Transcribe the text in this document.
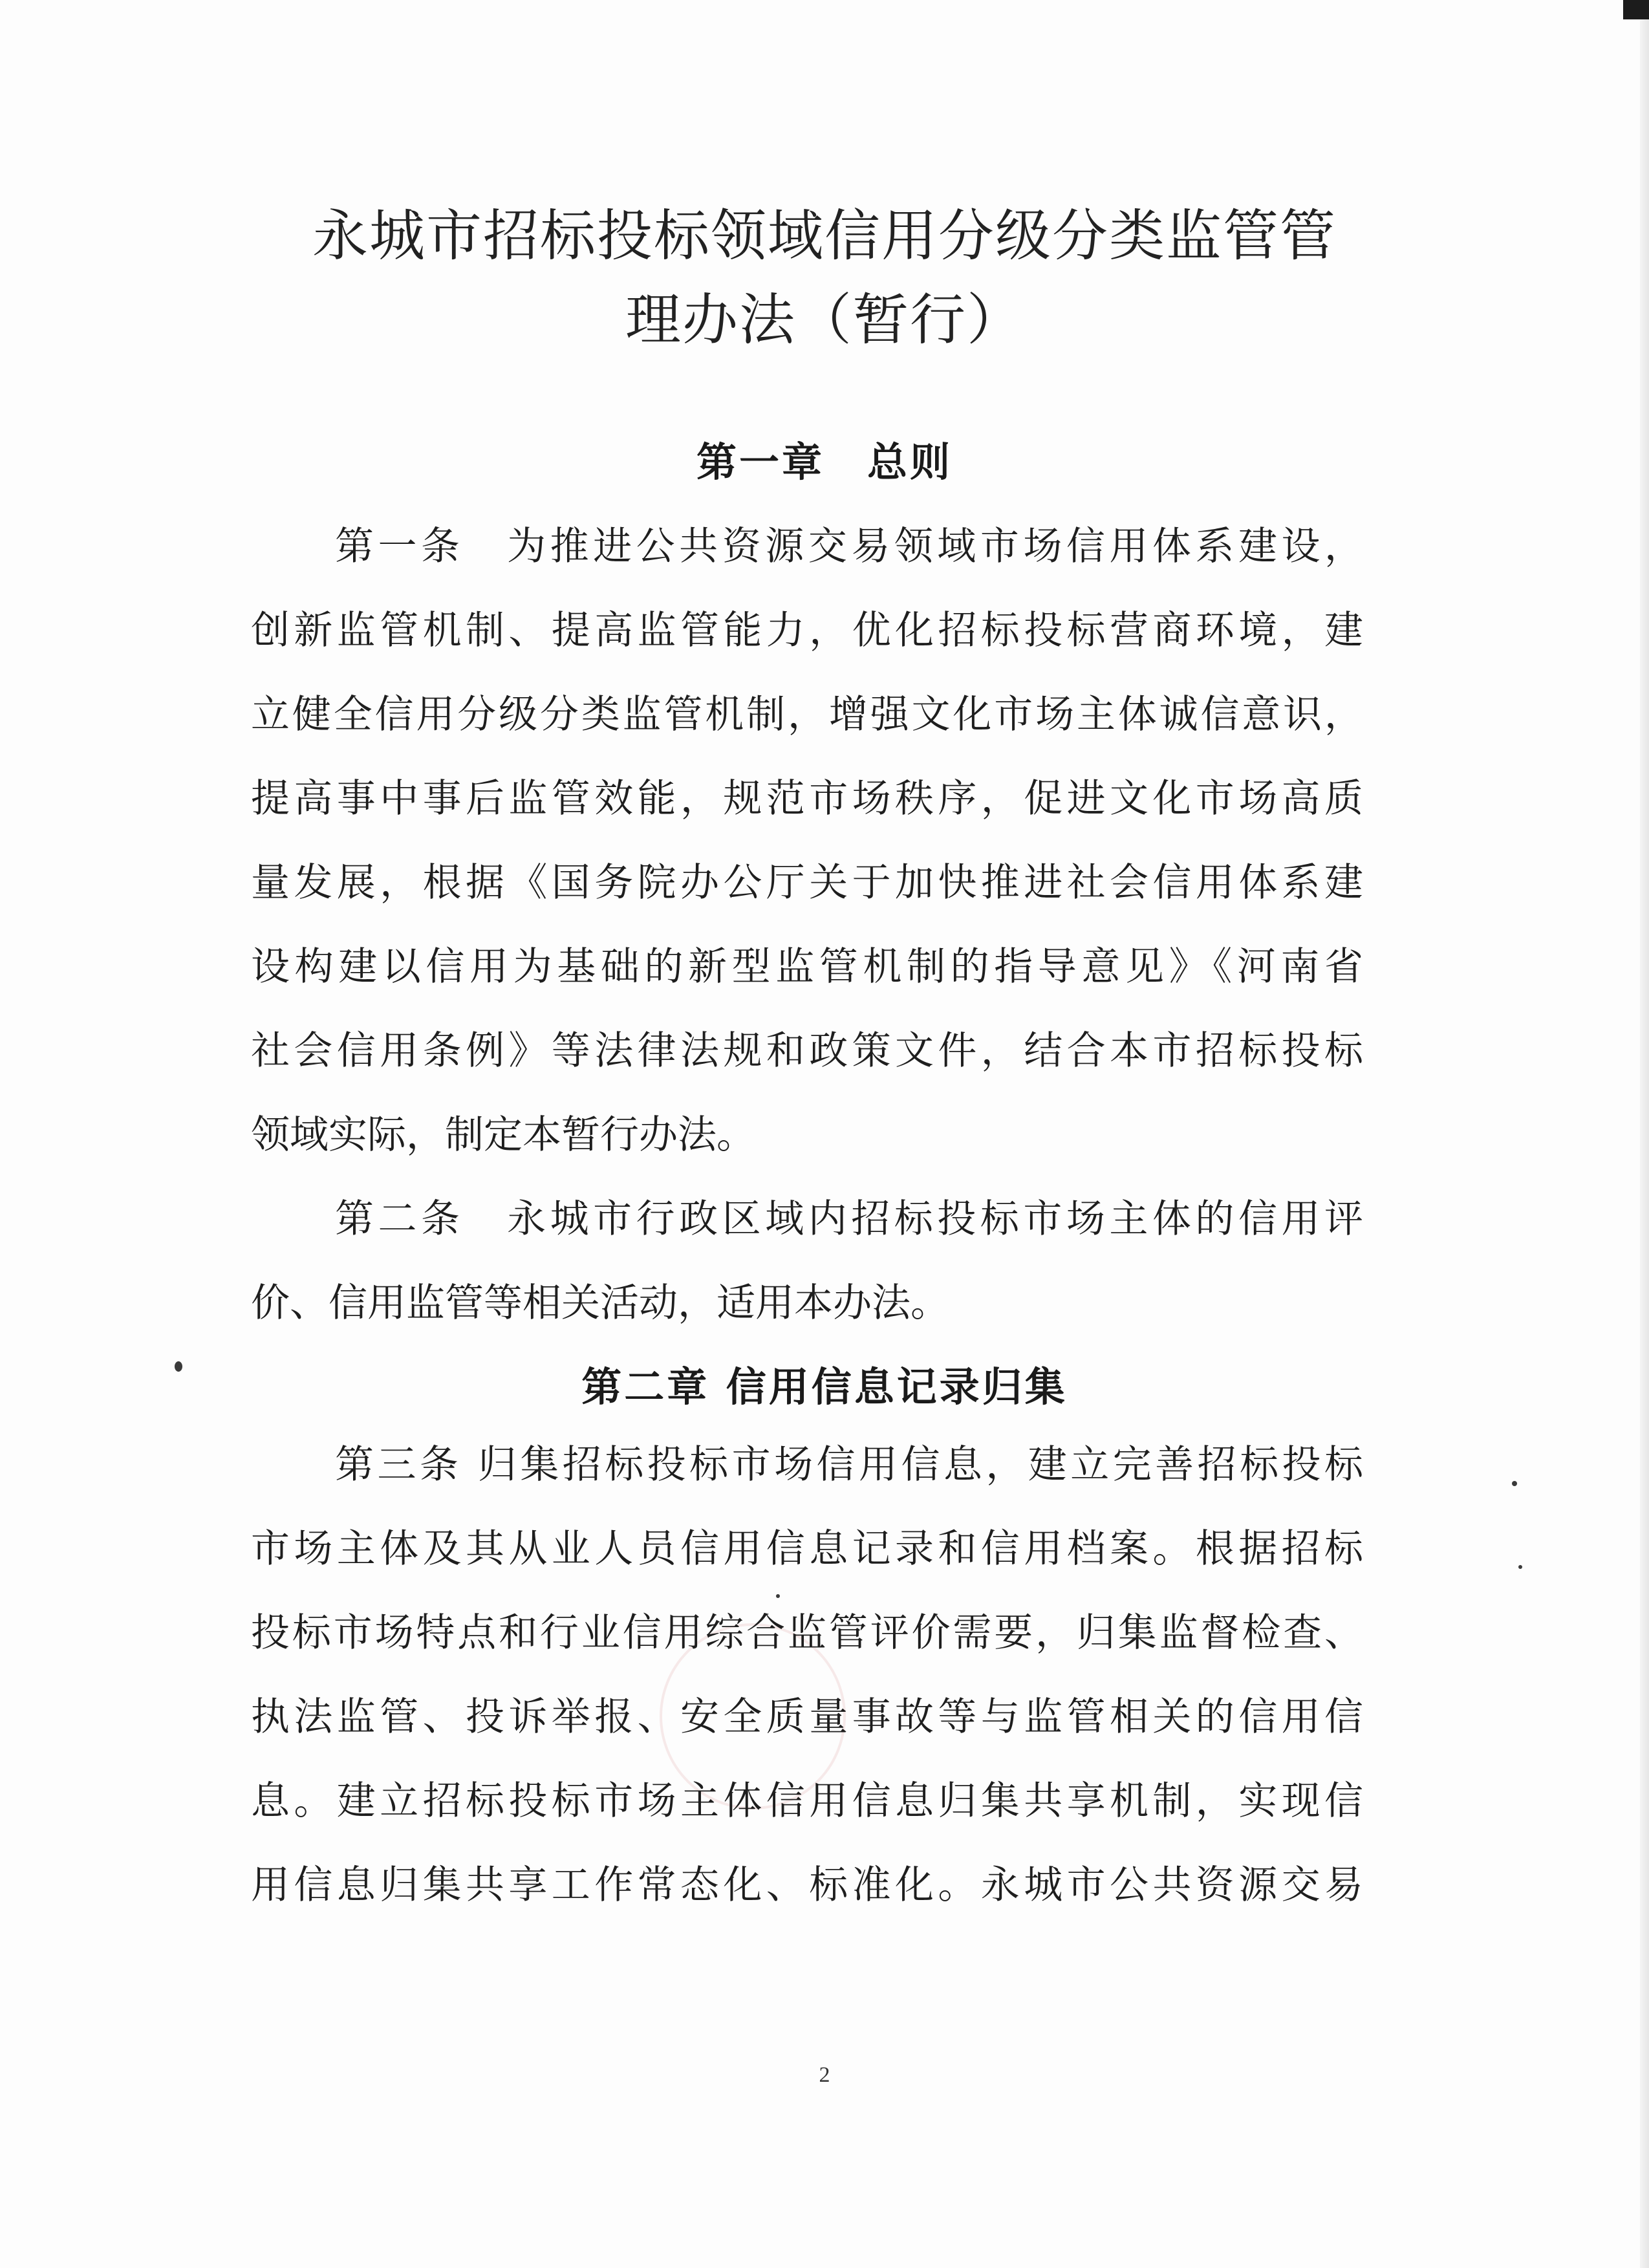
永城市招标投标领域信用分级分类监管管
理办法（暂行）
第一章　总则
第一条　为推进公共资源交易领域市场信用体系建设，
创新监管机制、提高监管能力，优化招标投标营商环境，建
立健全信用分级分类监管机制，增强文化市场主体诚信意识，
提高事中事后监管效能，规范市场秩序，促进文化市场高质
量发展，根据《国务院办公厅关于加快推进社会信用体系建
设构建以信用为基础的新型监管机制的指导意见》《河南省
社会信用条例》等法律法规和政策文件，结合本市招标投标
领域实际，制定本暂行办法。
第二条　永城市行政区域内招标投标市场主体的信用评
价、信用监管等相关活动，适用本办法。
第二章 信用信息记录归集
第三条 归集招标投标市场信用信息，建立完善招标投标
市场主体及其从业人员信用信息记录和信用档案。根据招标
投标市场特点和行业信用综合监管评价需要，归集监督检查、
执法监管、投诉举报、安全质量事故等与监管相关的信用信
息。建立招标投标市场主体信用信息归集共享机制，实现信
用信息归集共享工作常态化、标准化。永城市公共资源交易
2
